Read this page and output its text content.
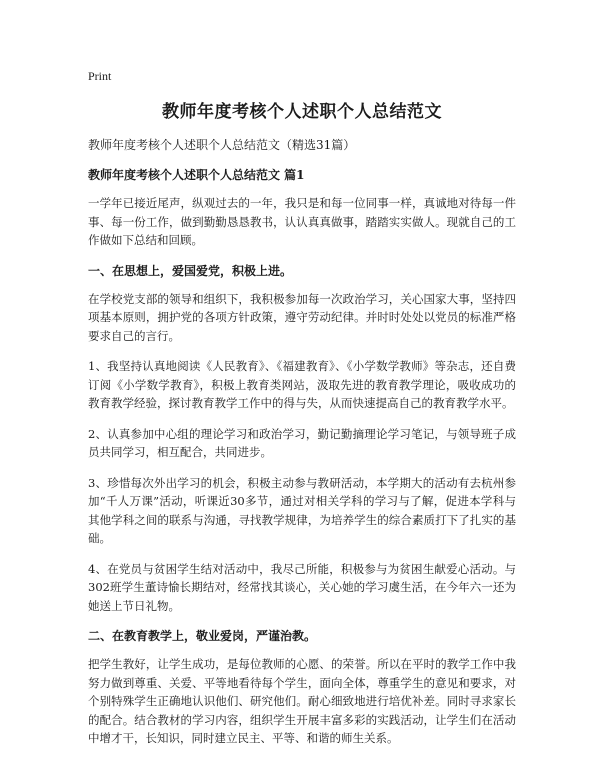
Print
教师年度考核个人述职个人总结范文

教师年度考核个人述职个人总结范文（精选31篇）

教师年度考核个人述职个人总结范文 篇1

一学年已接近尾声，纵观过去的一年，我只是和每一位同事一样，真诚地对待每一件事、每一份工作，做到勤勤恳恳教书，认认真真做事，踏踏实实做人。现就自己的工作做如下总结和回顾。

一、在思想上，爱国爱党，积极上进。

在学校党支部的领导和组织下，我积极参加每一次政治学习，关心国家大事，坚持四项基本原则，拥护党的各项方针政策，遵守劳动纪律。并时时处处以党员的标准严格要求自己的言行。

1、我坚持认真地阅读《人民教育》、《福建教育》、《小学数学教师》等杂志，还自费订阅《小学数学教育》，积极上教育类网站，汲取先进的教育教学理论，吸收成功的教育教学经验，探讨教育教学工作中的得与失，从而快速提高自己的教育教学水平。

2、认真参加中心组的理论学习和政治学习，勤记勤摘理论学习笔记，与领导班子成员共同学习，相互配合，共同进步。

3、珍惜每次外出学习的机会，积极主动参与教研活动，本学期大的活动有去杭州参加“千人万课”活动，听课近30多节，通过对相关学科的学习与了解，促进本学科与其他学科之间的联系与沟通，寻找教学规律，为培养学生的综合素质打下了扎实的基础。

4、在党员与贫困学生结对活动中，我尽己所能，积极参与为贫困生献爱心活动。与302班学生董诗愉长期结对，经常找其谈心，关心她的学习虞生活，在今年六一还为她送上节日礼物。

二、在教育教学上，敬业爱岗，严谨治教。

把学生教好，让学生成功，是每位教师的心愿、的荣誉。所以在平时的教学工作中我努力做到尊重、关爱、平等地看待每个学生，面向全体，尊重学生的意见和要求，对个别特殊学生正确地认识他们、研究他们。耐心细致地进行培优补差。同时寻求家长的配合。结合教材的学习内容，组织学生开展丰富多彩的实践活动，让学生们在活动中增才干，长知识，同时建立民主、平等、和谐的师生关系。
